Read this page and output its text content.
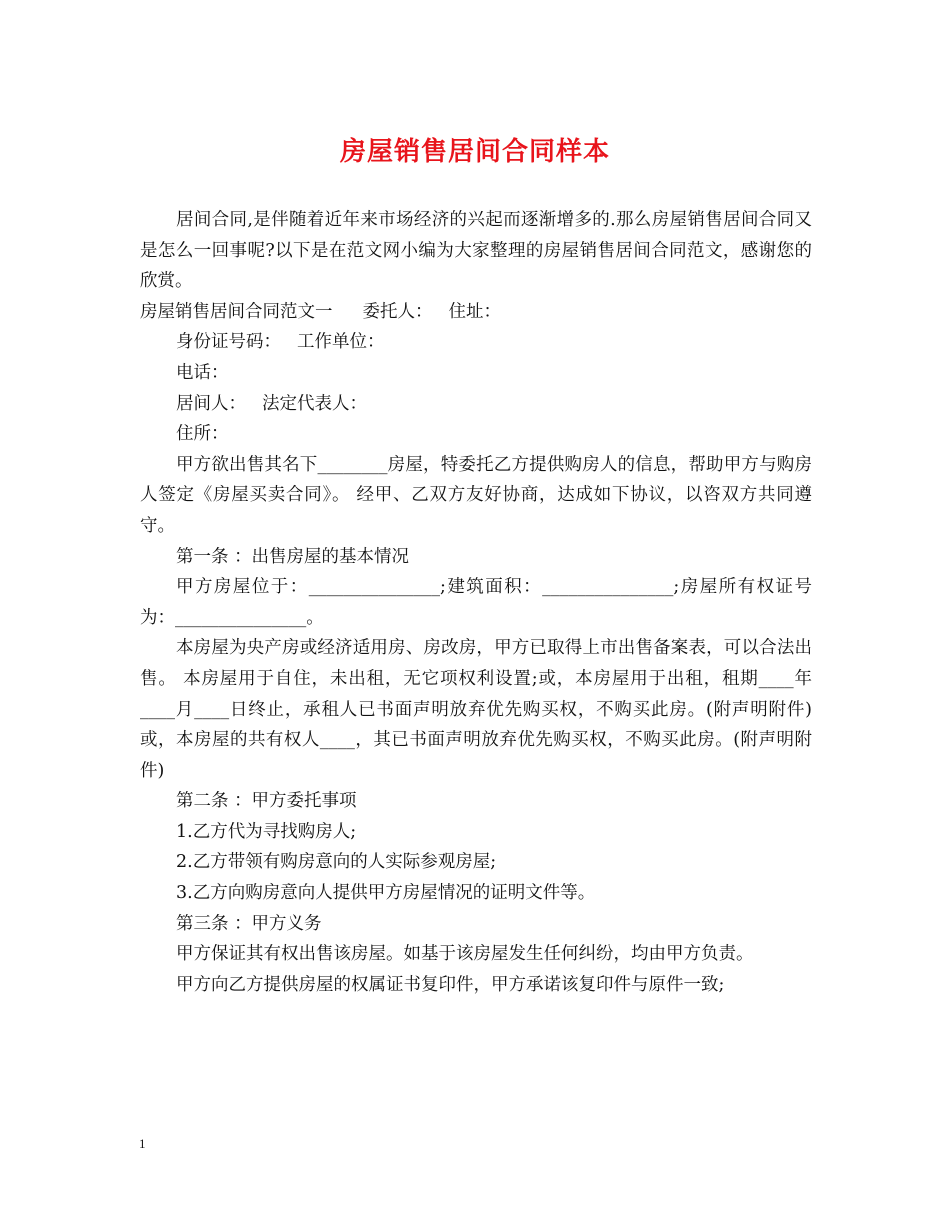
房屋销售居间合同样本

居间合同,是伴随着近年来市场经济的兴起而逐渐增多的.那么房屋销售居间合同又是怎么一回事呢?以下是在范文网小编为大家整理的房屋销售居间合同范文，感谢您的欣赏。

房屋销售居间合同范文一 委托人： 住址：

身份证号码： 工作单位：

电话：

居间人： 法定代表人：

住所：

甲方欲出售其名下________房屋，特委托乙方提供购房人的信息，帮助甲方与购房人签定《房屋买卖合同》。 经甲、乙双方友好协商，达成如下协议，以咨双方共同遵守。

第一条 ：出售房屋的基本情况

甲方房屋位于：_______________;建筑面积：_______________;房屋所有权证号为：_______________。

本房屋为央产房或经济适用房、房改房，甲方已取得上市出售备案表，可以合法出售。 本房屋用于自住，未出租，无它项权利设置;或，本房屋用于出租，租期____年____月____日终止，承租人已书面声明放弃优先购买权，不购买此房。(附声明附件)或，本房屋的共有权人____，其已书面声明放弃优先购买权，不购买此房。(附声明附件)

第二条 ：甲方委托事项

1.乙方代为寻找购房人;

2.乙方带领有购房意向的人实际参观房屋;

3.乙方向购房意向人提供甲方房屋情况的证明文件等。

第三条 ：甲方义务

甲方保证其有权出售该房屋。如基于该房屋发生任何纠纷，均由甲方负责。

甲方向乙方提供房屋的权属证书复印件，甲方承诺该复印件与原件一致;

1
